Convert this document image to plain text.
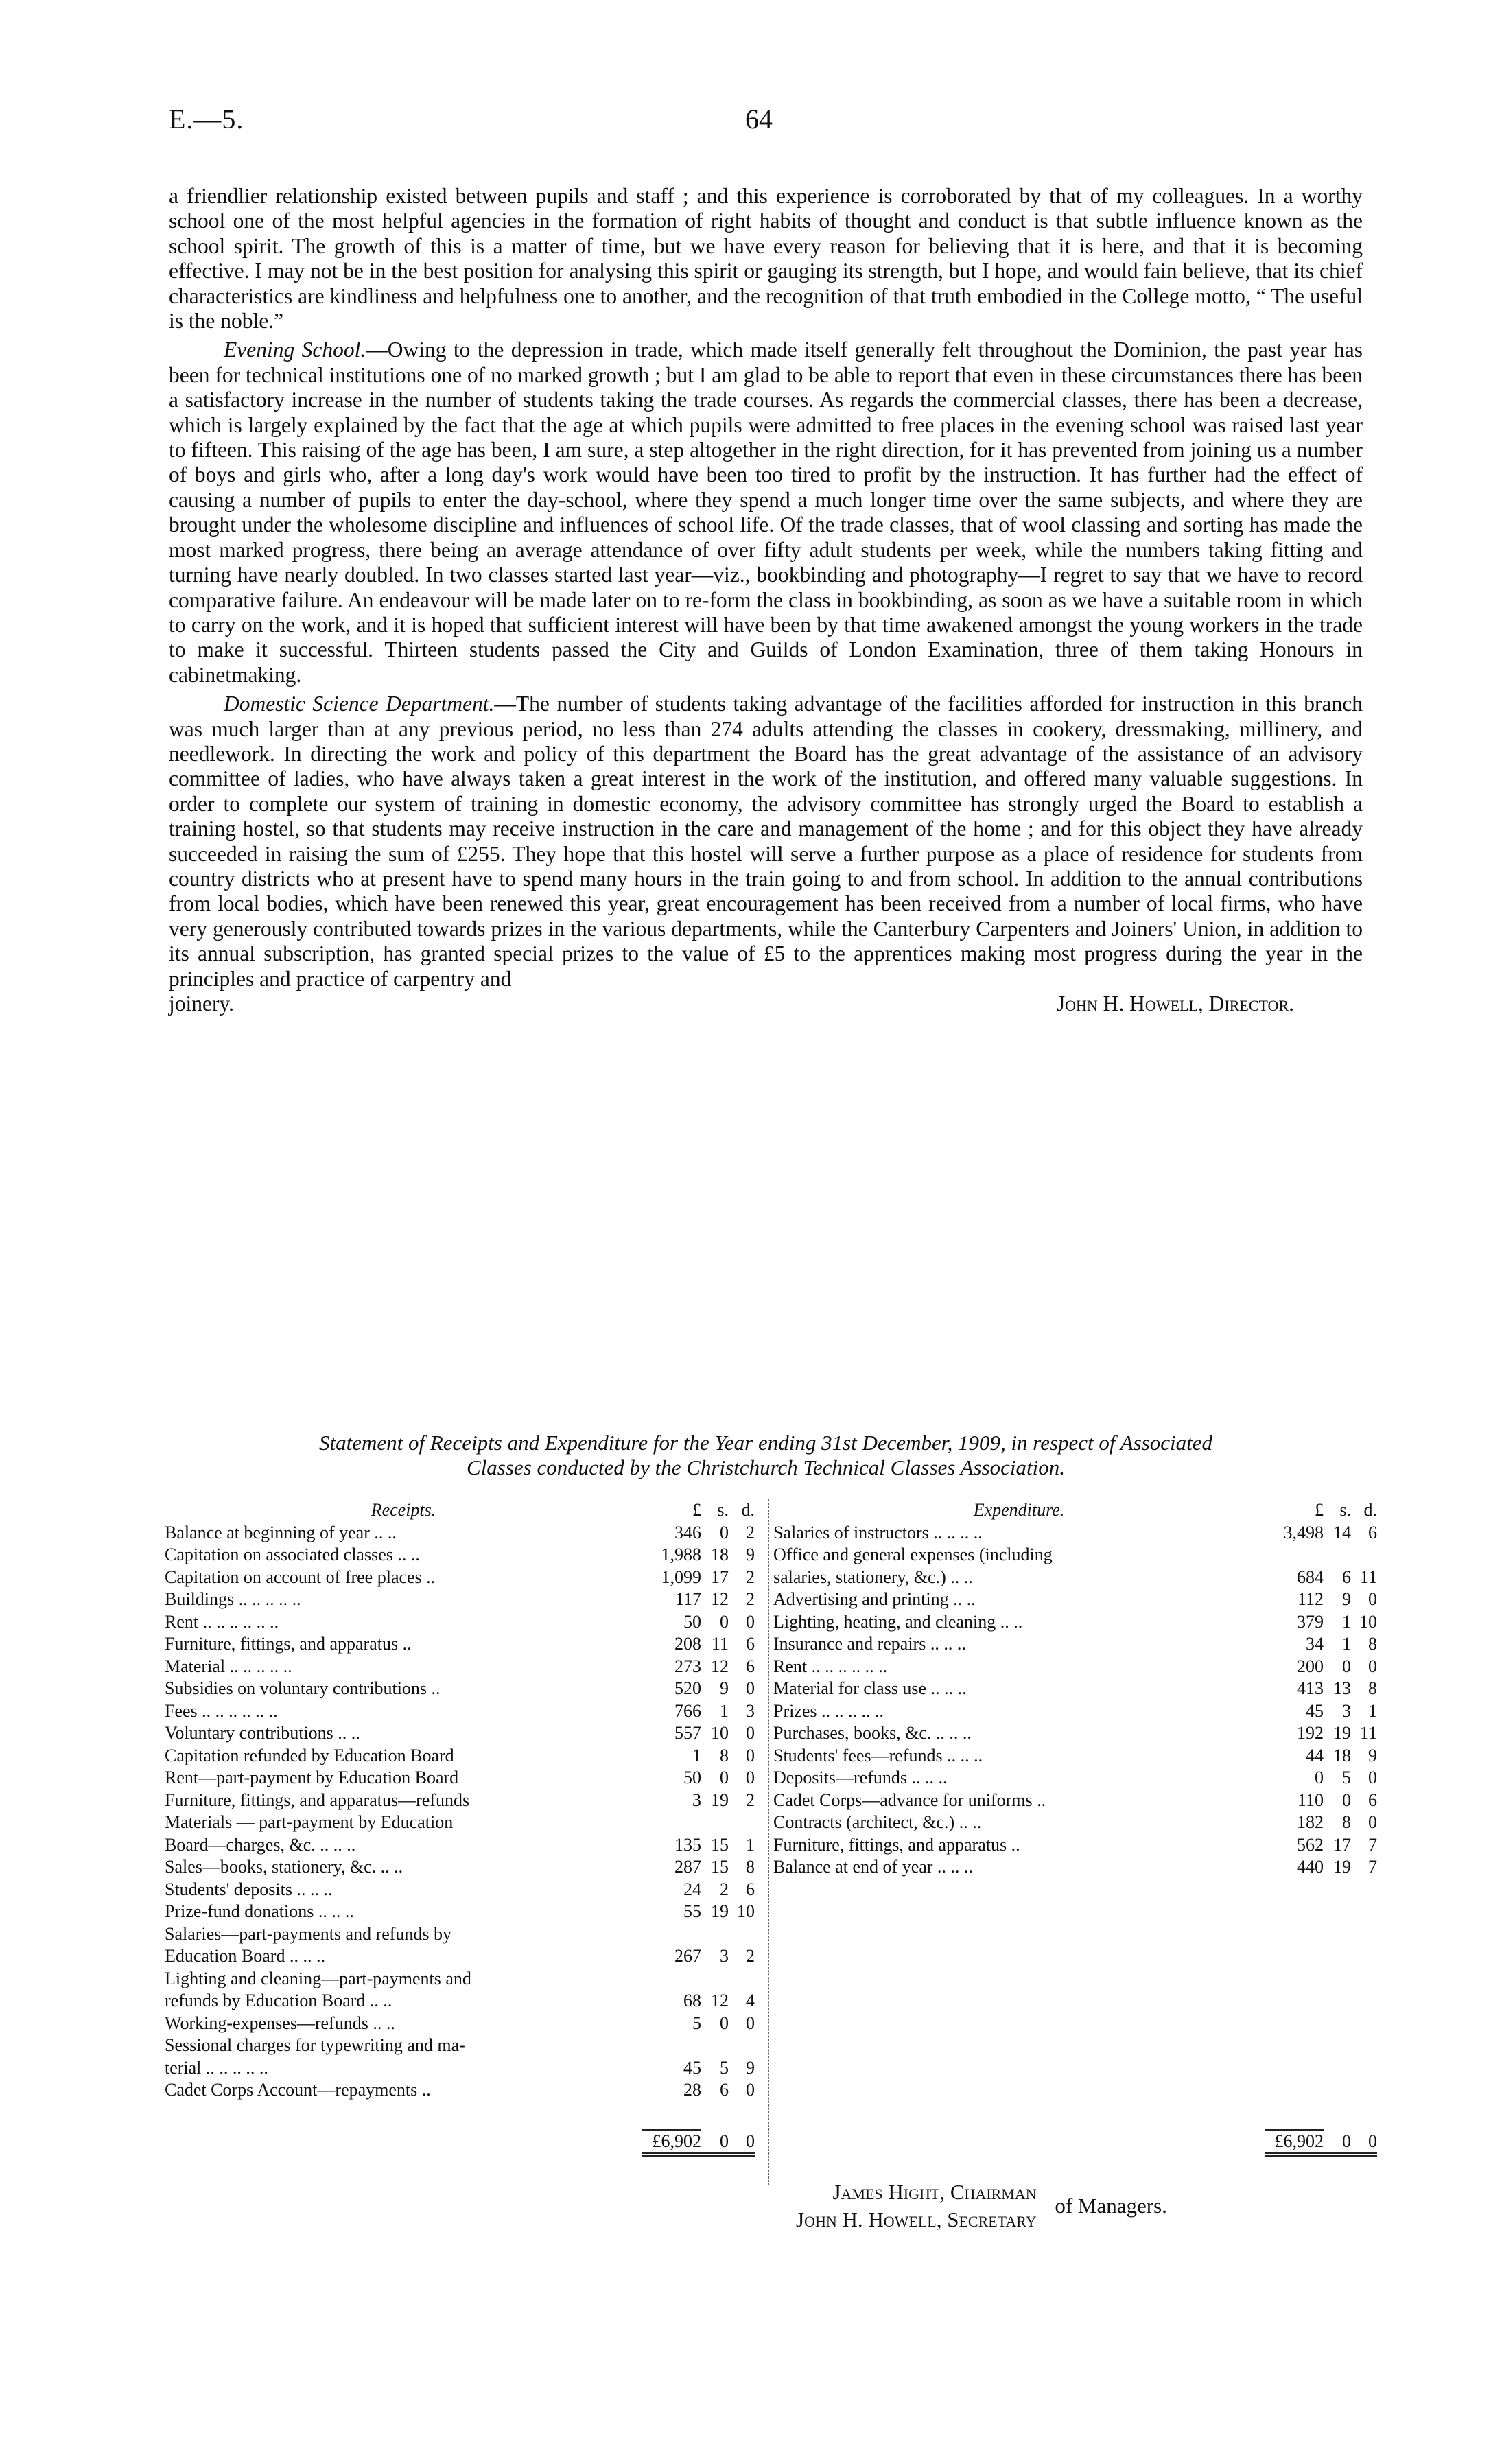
E.—5.	64

a friendlier relationship existed between pupils and staff ; and this experience is corroborated by that of my colleagues. In a worthy school one of the most helpful agencies in the formation of right habits of thought and conduct is that subtle influence known as the school spirit. The growth of this is a matter of time, but we have every reason for believing that it is here, and that it is becoming effective. I may not be in the best position for analysing this spirit or gauging its strength, but I hope, and would fain believe, that its chief characteristics are kindliness and helpfulness one to another, and the recognition of that truth embodied in the College motto, “ The useful is the noble.”

Evening School.—Owing to the depression in trade, which made itself generally felt throughout the Dominion, the past year has been for technical institutions one of no marked growth ; but I am glad to be able to report that even in these circumstances there has been a satisfactory increase in the number of students taking the trade courses. As regards the commercial classes, there has been a decrease, which is largely explained by the fact that the age at which pupils were admitted to free places in the evening school was raised last year to fifteen. This raising of the age has been, I am sure, a step altogether in the right direction, for it has prevented from joining us a number of boys and girls who, after a long day's work would have been too tired to profit by the instruction. It has further had the effect of causing a number of pupils to enter the day-school, where they spend a much longer time over the same subjects, and where they are brought under the wholesome discipline and influences of school life. Of the trade classes, that of wool classing and sorting has made the most marked progress, there being an average attendance of over fifty adult students per week, while the numbers taking fitting and turning have nearly doubled. In two classes started last year—viz., bookbinding and photography—I regret to say that we have to record comparative failure. An endeavour will be made later on to re-form the class in bookbinding, as soon as we have a suitable room in which to carry on the work, and it is hoped that sufficient interest will have been by that time awakened amongst the young workers in the trade to make it successful. Thirteen students passed the City and Guilds of London Examination, three of them taking Honours in cabinetmaking.

Domestic Science Department.—The number of students taking advantage of the facilities afforded for instruction in this branch was much larger than at any previous period, no less than 274 adults attending the classes in cookery, dressmaking, millinery, and needlework. In directing the work and policy of this department the Board has the great advantage of the assistance of an advisory committee of ladies, who have always taken a great interest in the work of the institution, and offered many valuable suggestions. In order to complete our system of training in domestic economy, the advisory committee has strongly urged the Board to establish a training hostel, so that students may receive instruction in the care and management of the home ; and for this object they have already succeeded in raising the sum of £255. They hope that this hostel will serve a further purpose as a place of residence for students from country districts who at present have to spend many hours in the train going to and from school. In addition to the annual contributions from local bodies, which have been renewed this year, great encouragement has been received from a number of local firms, who have very generously contributed towards prizes in the various departments, while the Canterbury Carpenters and Joiners' Union, in addition to its annual subscription, has granted special prizes to the value of £5 to the apprentices making most progress during the year in the principles and practice of carpentry and

joinery.	John H. Howell, Director.
Statement of Receipts and Expenditure for the Year ending 31st December, 1909, in respect of Associated
Classes conducted by the Christchurch Technical Classes Association.
Receipts.	£ s. d.
Balance at beginning of year .. ..	346	0 2
Capitation on associated classes .. ..	1,988 18 9
Capitation on account of free places ..	1,099 17 2
Buildings .. .. .. .. ..	117 12 2
Rent .. .. .. .. .. ..	50	0 0
Furniture, fittings, and apparatus ..	208 11 6
Material .. .. .. .. ..	273 12 6
Subsidies on voluntary contributions ..	520	9 0
Fees .. .. .. .. .. ..	766	1 3
Voluntary contributions .. ..	557 10 0
Capitation refunded by Education Board	1	8 0
Rent—part-payment by Education Board	50	0 0
Furniture, fittings, and apparatus—refunds	3 19 2
Materials — part-payment by Education
Board—charges, &c. .. .. ..	135 15 1
Sales—books, stationery, &c. .. ..	287 15 8
Students' deposits .. .. ..	24	2 6
Prize-fund donations .. .. ..	55 19 10
Salaries—part-payments and refunds by
Education Board .. .. ..	267	3 2
Lighting and cleaning—part-payments and
refunds by Education Board .. ..	68 12 4
Working-expenses—refunds .. ..	5	0 0
Sessional charges for typewriting and ma-
terial .. .. .. .. ..	45	5 9
Cadet Corps Account—repayments ..	28	6 0
£6,902	0 0
Expenditure.	£ s. d.
Salaries of instructors .. .. .. ..	3,498 14 6
Office and general expenses (including
salaries, stationery, &c.) .. ..	684	6 11
Advertising and printing .. ..	112	9 0
Lighting, heating, and cleaning .. ..	379	1 10
Insurance and repairs .. .. ..	34	1 8
Rent .. .. .. .. .. ..	200	0 0
Material for class use .. .. ..	413 13 8
Prizes .. .. .. .. ..	45	3 1
Purchases, books, &c. .. .. ..	192 19 11
Students' fees—refunds .. .. ..	44 18 9
Deposits—refunds .. .. ..	0	5 0
Cadet Corps—advance for uniforms ..	110	0 6
Contracts (architect, &c.) .. ..	182	8 0
Furniture, fittings, and apparatus ..	562 17 7
Balance at end of year .. .. ..	440 19 7
£6,902	0 0
James Hight, Chairman
John H. Howell, Secretary
of Managers.
